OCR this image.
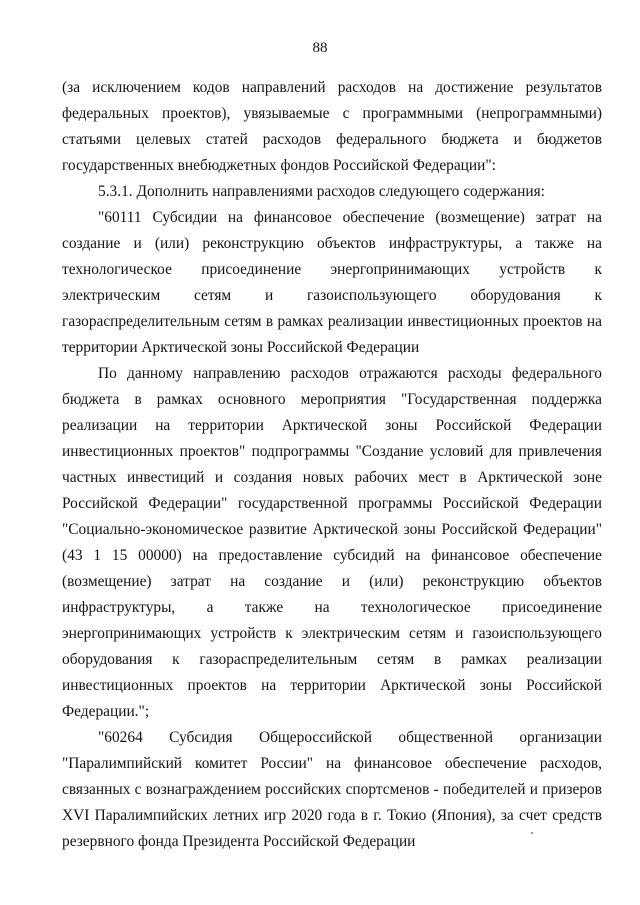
88

(за исключением кодов направлений расходов на достижение результатов федеральных проектов), увязываемые с программными (непрограммными) статьями целевых статей расходов федерального бюджета и бюджетов государственных внебюджетных фондов Российской Федерации":

5.3.1. Дополнить направлениями расходов следующего содержания:

"60111 Субсидии на финансовое обеспечение (возмещение) затрат на создание и (или) реконструкцию объектов инфраструктуры, а также на технологическое присоединение энергопринимающих устройств к электрическим сетям и газоиспользующего оборудования к газораспределительным сетям в рамках реализации инвестиционных проектов на территории Арктической зоны Российской Федерации

По данному направлению расходов отражаются расходы федерального бюджета в рамках основного мероприятия "Государственная поддержка реализации на территории Арктической зоны Российской Федерации инвестиционных проектов" подпрограммы "Создание условий для привлечения частных инвестиций и создания новых рабочих мест в Арктической зоне Российской Федерации" государственной программы Российской Федерации "Социально-экономическое развитие Арктической зоны Российской Федерации" (43 1 15 00000) на предоставление субсидий на финансовое обеспечение (возмещение) затрат на создание и (или) реконструкцию объектов инфраструктуры, а также на технологическое присоединение энергопринимающих устройств к электрическим сетям и газоиспользующего оборудования к газораспределительным сетям в рамках реализации инвестиционных проектов на территории Арктической зоны Российской Федерации.";

"60264 Субсидия Общероссийской общественной организации "Паралимпийский комитет России" на финансовое обеспечение расходов, связанных с вознаграждением российских спортсменов - победителей и призеров XVI Паралимпийских летних игр 2020 года в г. Токио (Япония), за счет средств резервного фонда Президента Российской Федерации
